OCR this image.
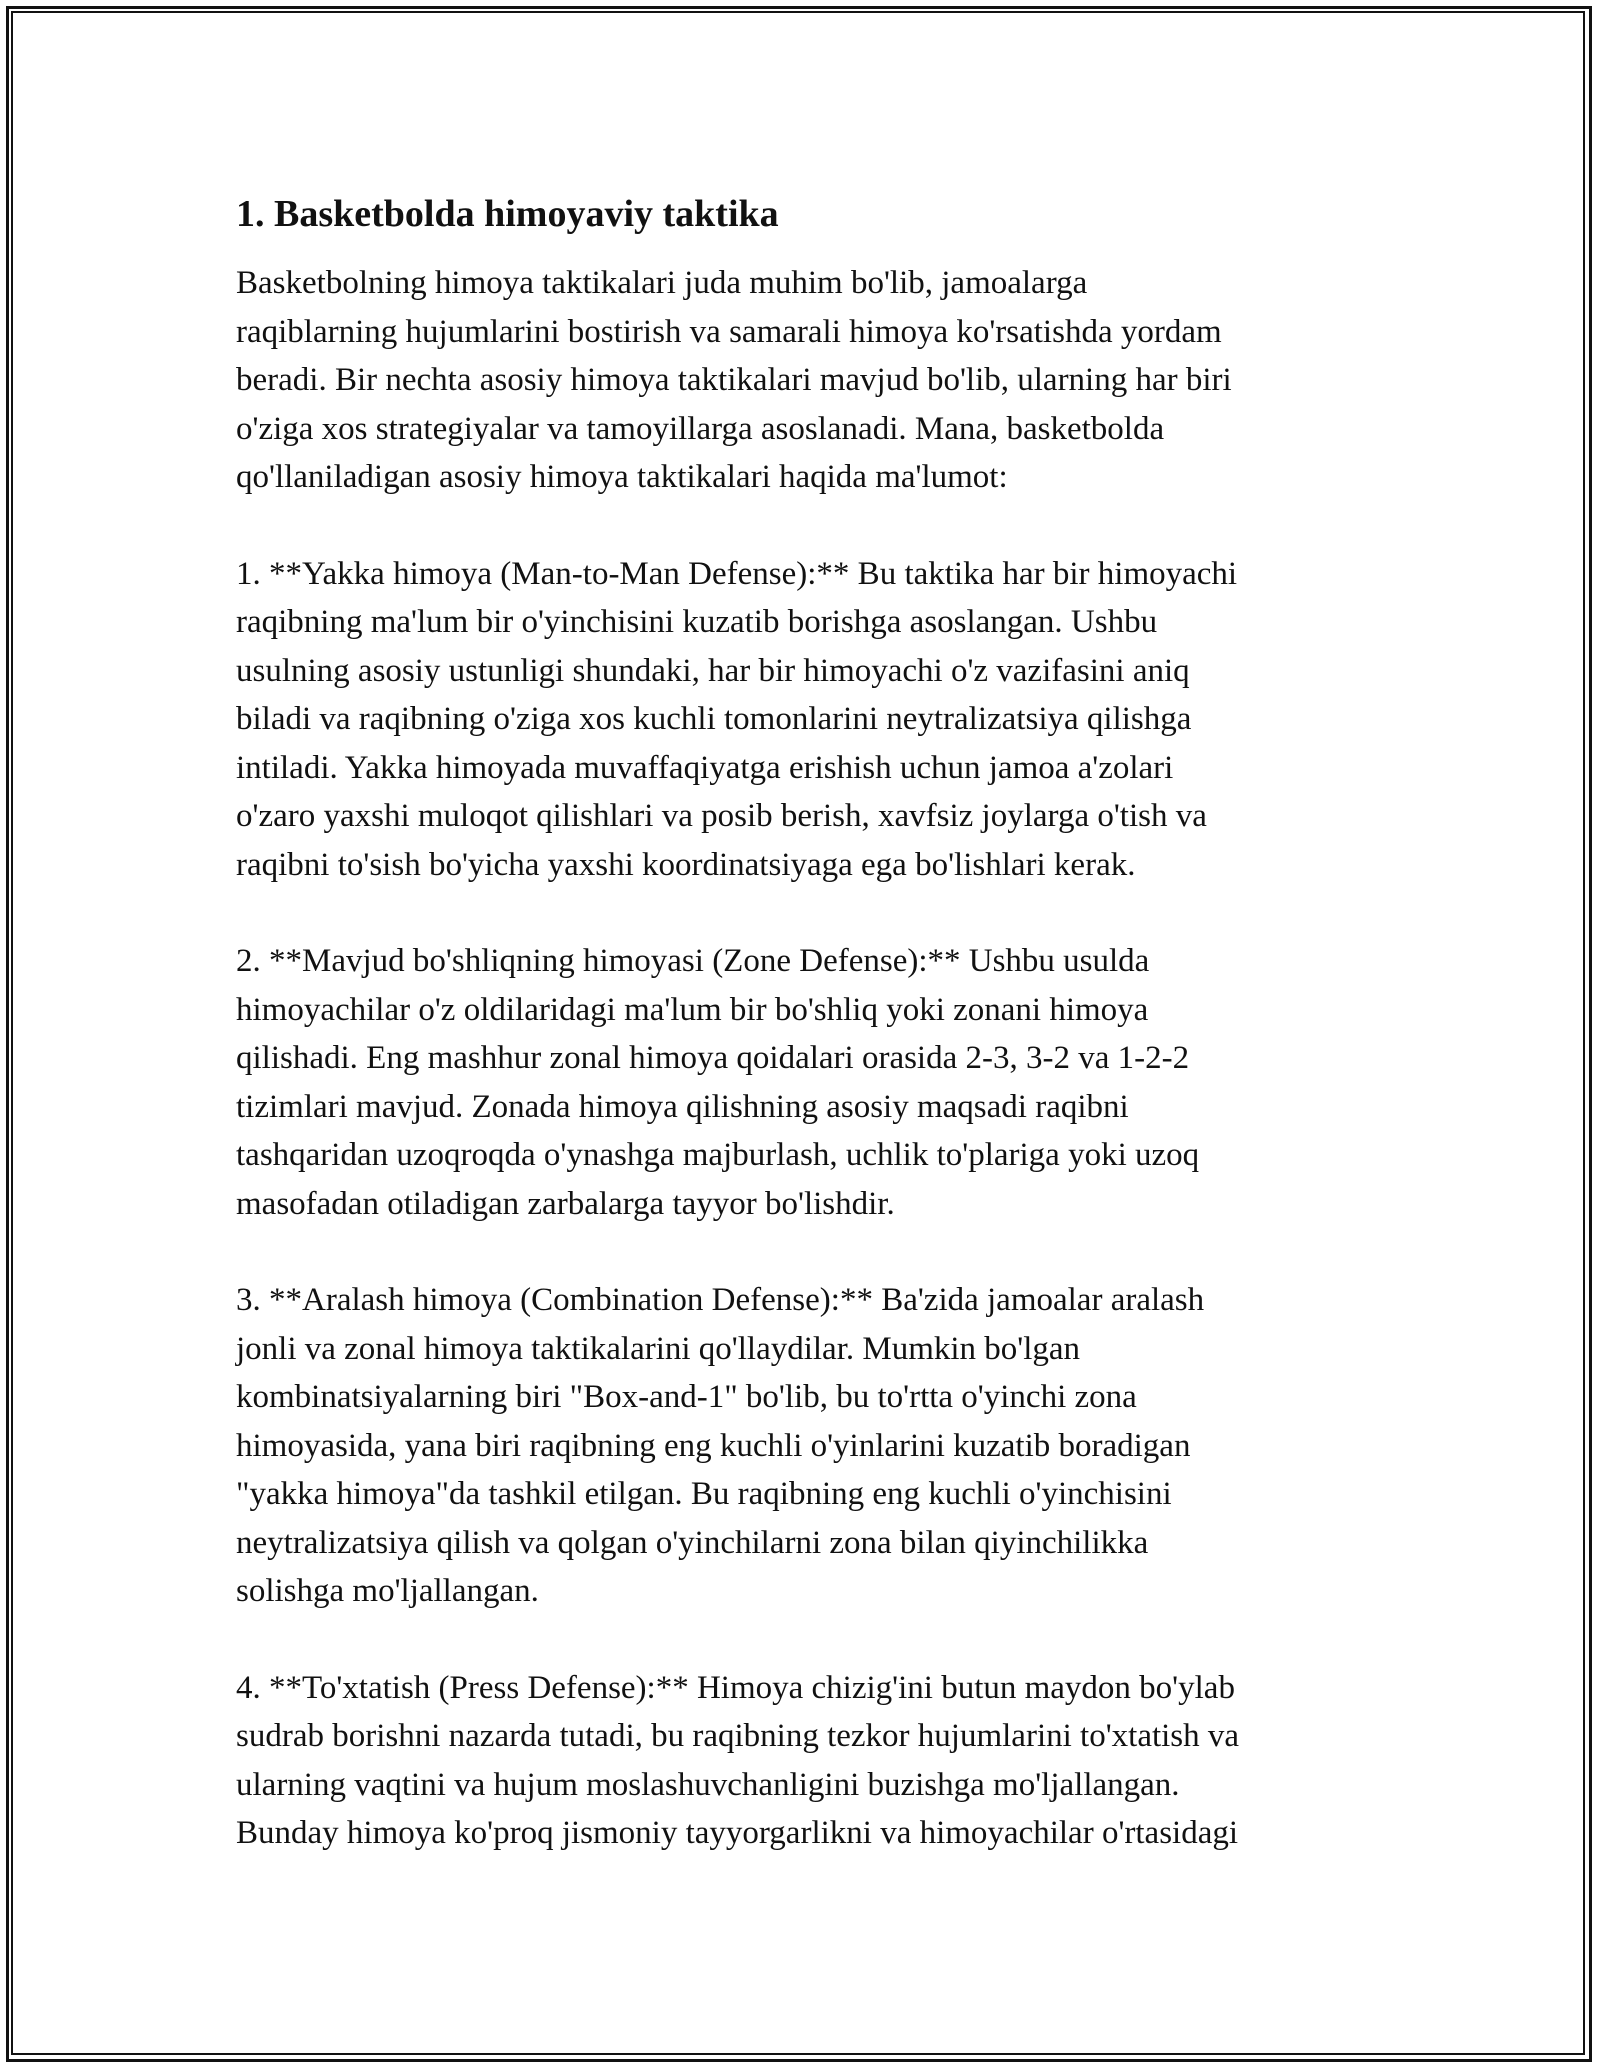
1. Basketbolda himoyaviy taktika

Basketbolning himoya taktikalari juda muhim bo'lib, jamoalarga
raqiblarning hujumlarini bostirish va samarali himoya ko'rsatishda yordam
beradi. Bir nechta asosiy himoya taktikalari mavjud bo'lib, ularning har biri
o'ziga xos strategiyalar va tamoyillarga asoslanadi. Mana, basketbolda
qo'llaniladigan asosiy himoya taktikalari haqida ma'lumot:

1. **Yakka himoya (Man-to-Man Defense):** Bu taktika har bir himoyachi
raqibning ma'lum bir o'yinchisini kuzatib borishga asoslangan. Ushbu
usulning asosiy ustunligi shundaki, har bir himoyachi o'z vazifasini aniq
biladi va raqibning o'ziga xos kuchli tomonlarini neytralizatsiya qilishga
intiladi. Yakka himoyada muvaffaqiyatga erishish uchun jamoa a'zolari
o'zaro yaxshi muloqot qilishlari va posib berish, xavfsiz joylarga o'tish va
raqibni to'sish bo'yicha yaxshi koordinatsiyaga ega bo'lishlari kerak.

2. **Mavjud bo'shliqning himoyasi (Zone Defense):** Ushbu usulda
himoyachilar o'z oldilaridagi ma'lum bir bo'shliq yoki zonani himoya
qilishadi. Eng mashhur zonal himoya qoidalari orasida 2-3, 3-2 va 1-2-2
tizimlari mavjud. Zonada himoya qilishning asosiy maqsadi raqibni
tashqaridan uzoqroqda o'ynashga majburlash, uchlik to'plariga yoki uzoq
masofadan otiladigan zarbalarga tayyor bo'lishdir.

3. **Aralash himoya (Combination Defense):** Ba'zida jamoalar aralash
jonli va zonal himoya taktikalarini qo'llaydilar. Mumkin bo'lgan
kombinatsiyalarning biri "Box-and-1" bo'lib, bu to'rtta o'yinchi zona
himoyasida, yana biri raqibning eng kuchli o'yinlarini kuzatib boradigan
"yakka himoya"da tashkil etilgan. Bu raqibning eng kuchli o'yinchisini
neytralizatsiya qilish va qolgan o'yinchilarni zona bilan qiyinchilikka
solishga mo'ljallangan.

4. **To'xtatish (Press Defense):** Himoya chizig'ini butun maydon bo'ylab
sudrab borishni nazarda tutadi, bu raqibning tezkor hujumlarini to'xtatish va
ularning vaqtini va hujum moslashuvchanligini buzishga mo'ljallangan.
Bunday himoya ko'proq jismoniy tayyorgarlikni va himoyachilar o'rtasidagi
